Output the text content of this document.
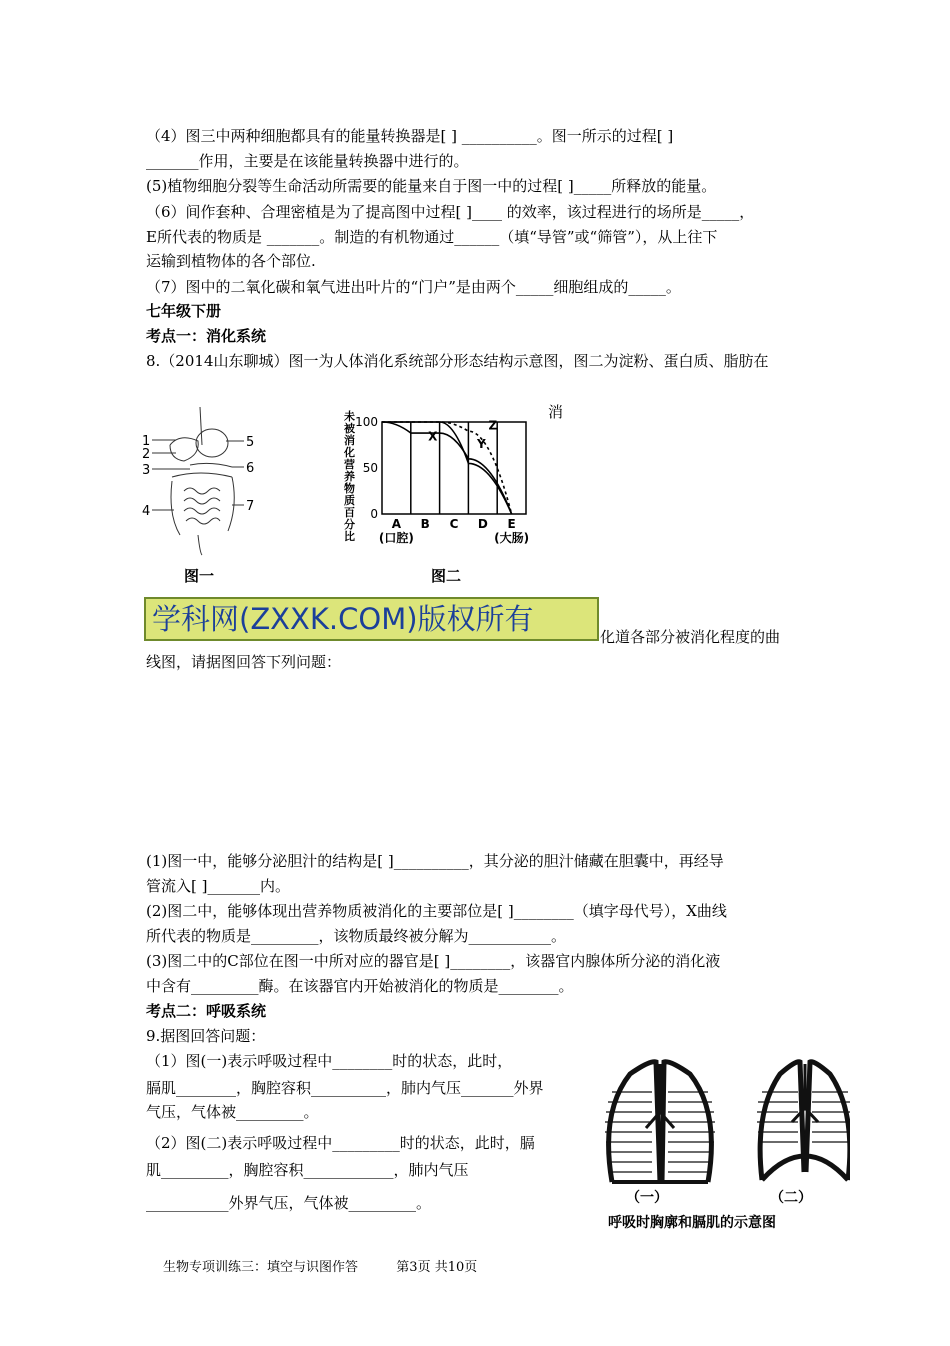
（4）图三中两种细胞都具有的能量转换器是[ ] __________。图一所示的过程[ ]
_______作用，主要是在该能量转换器中进行的。
(5)植物细胞分裂等生命活动所需要的能量来自于图一中的过程[ ]_____所释放的能量。
（6）间作套种、合理密植是为了提高图中过程[ ]____ 的效率，该过程进行的场所是_____，
E所代表的物质是 _______。制造的有机物通过______（填“导管”或“筛管”），从上往下
运输到植物体的各个部位.
（7）图中的二氧化碳和氧气进出叶片的“门户”是由两个_____细胞组成的_____。
七年级下册
考点一：消化系统
8.（2014山东聊城）图一为人体消化系统部分形态结构示意图，图二为淀粉、蛋白质、脂肪在
消
1
2
3
4
5
6
7
图一
未
被
消
化
营
养
物
质
百
分
比
100
50
0
A B C D E
(口腔)	(大肠)
X
Y
Z
图二
学科网(ZXXK.COM)版权所有
化道各部分被消化程度的曲
线图，请据图回答下列问题：
(1)图一中，能够分泌胆汁的结构是[ ]__________，其分泌的胆汁储藏在胆囊中，再经导
管流入[ ]_______内。
(2)图二中，能够体现出营养物质被消化的主要部位是[ ]________（填字母代号），X曲线
所代表的物质是_________，该物质最终被分解为___________。
(3)图二中的C部位在图一中所对应的器官是[ ]________，该器官内腺体所分泌的消化液
中含有_________酶。在该器官内开始被消化的物质是________。
考点二：呼吸系统
9.据图回答问题：
（1）图(一)表示呼吸过程中________时的状态，此时，
膈肌________，胸腔容积__________，肺内气压_______外界
气压，气体被_________。
（2）图(二)表示呼吸过程中_________时的状态，此时，膈
肌_________，胸腔容积____________，肺内气压
___________外界气压，气体被_________。	（一）	（二）
呼吸时胸廓和膈肌的示意图
生物专项训练三：填空与识图作答	第3页 共10页
